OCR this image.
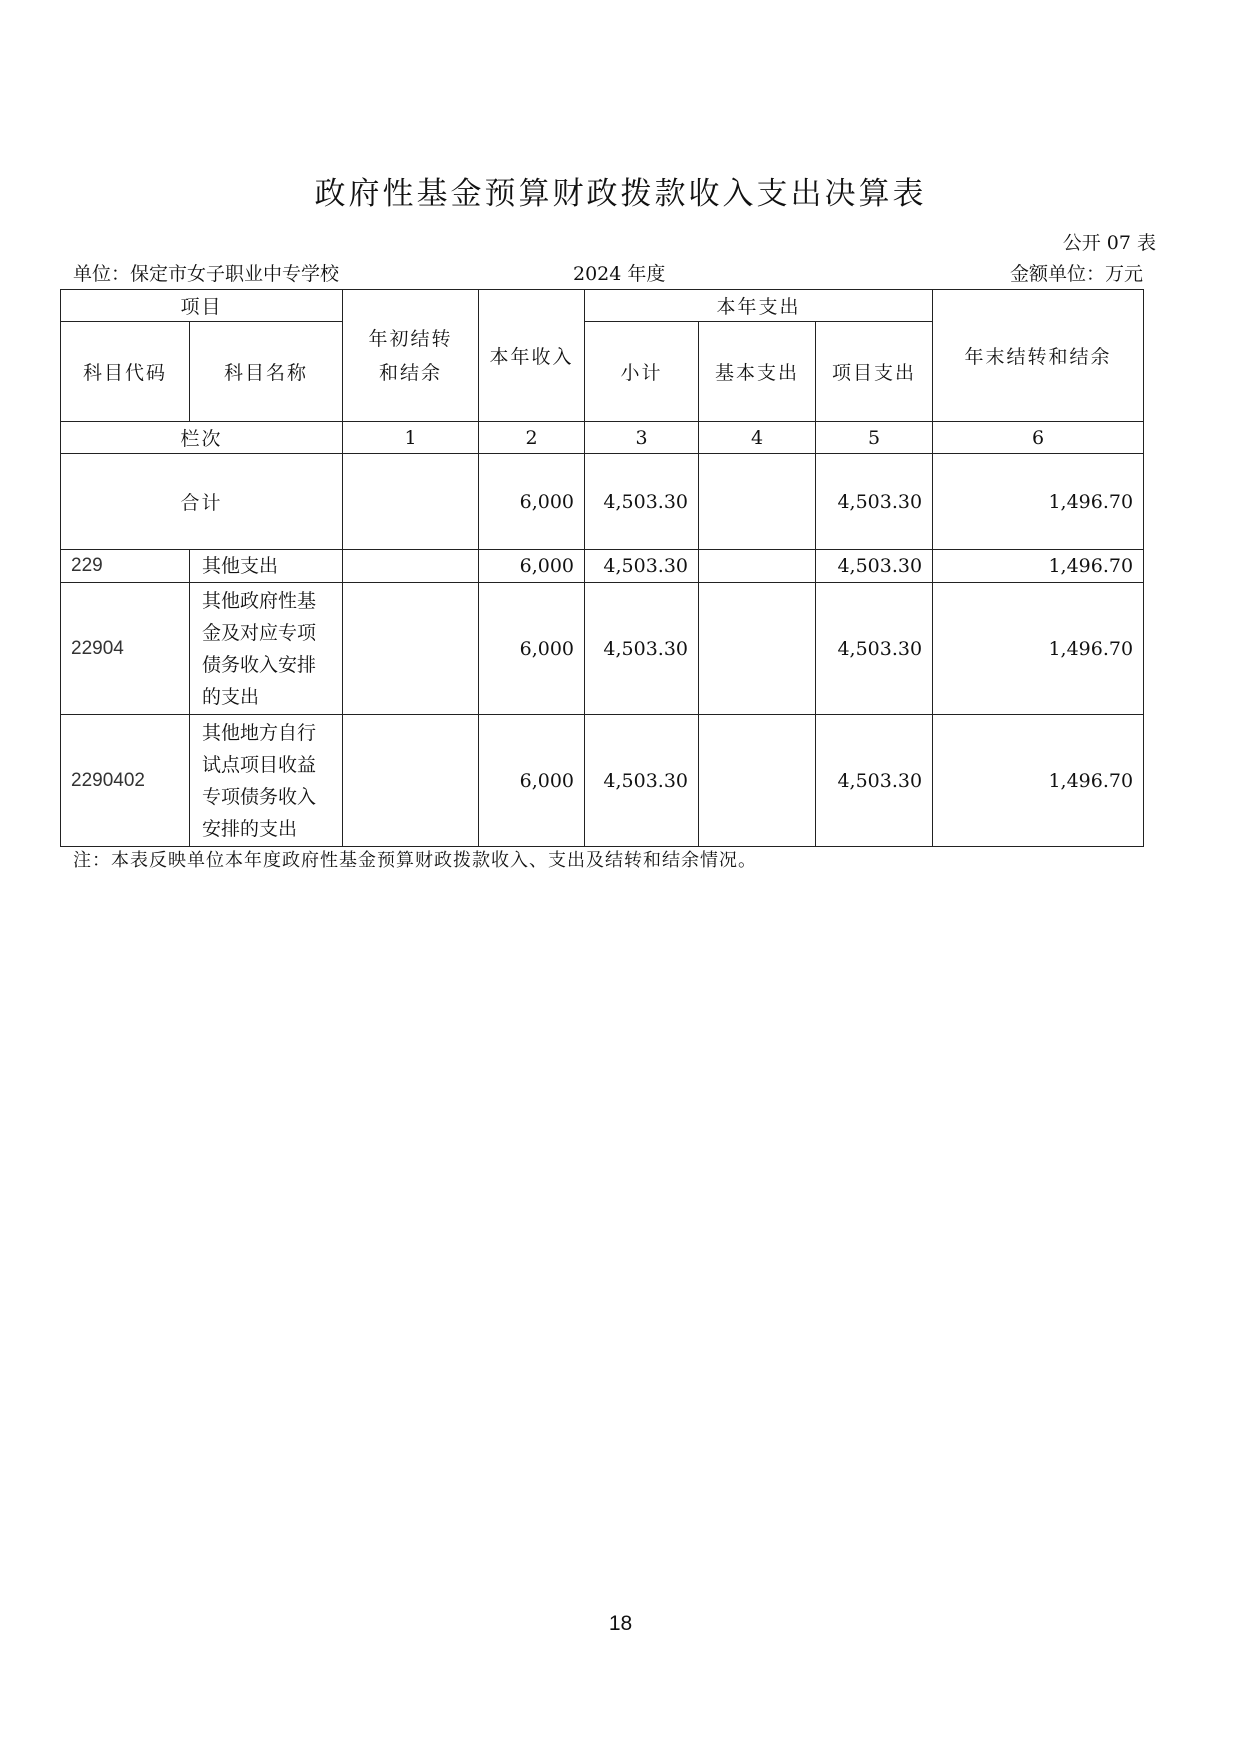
政府性基金预算财政拨款收入支出决算表
公开 07 表
单位：保定市女子职业中专学校	2024 年度	金额单位：万元
项目		年初结转和结余	本年收入	本年支出			年末结转和结余
科目代码	科目名称			小计	基本支出	项目支出	
栏次		1	2	3	4	5	6
合计			6,000	4,503.30		4,503.30	1,496.70
229	其他支出		6,000	4,503.30		4,503.30	1,496.70
22904	其他政府性基
金及对应专项
债务收入安排
的支出		6,000	4,503.30		4,503.30	1,496.70
2290402	其他地方自行
试点项目收益
专项债务收入
安排的支出		6,000	4,503.30		4,503.30	1,496.70
注：本表反映单位本年度政府性基金预算财政拨款收入、支出及结转和结余情况。
18
